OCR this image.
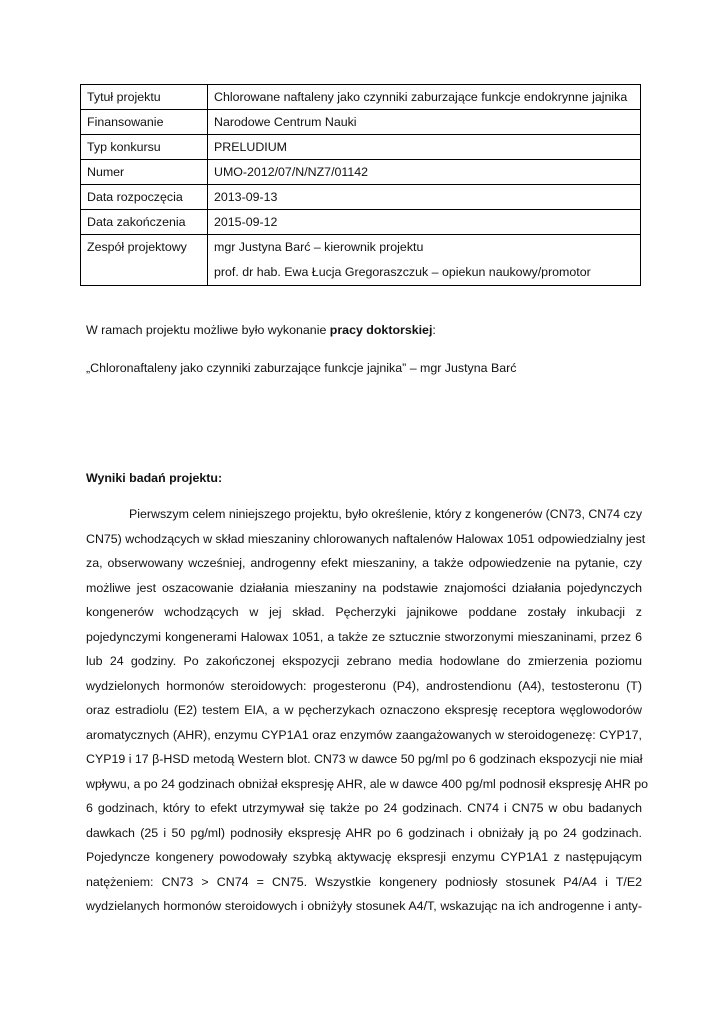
Tytuł projektu	Chlorowane naftaleny jako czynniki zaburzające funkcje endokrynne jajnika
Finansowanie	Narodowe Centrum Nauki
Typ konkursu	PRELUDIUM
Numer	UMO-2012/07/N/NZ7/01142
Data rozpoczęcia	2013-09-13
Data zakończenia	2015-09-12
Zespół projektowy	mgr Justyna Barć – kierownik projektu
prof. dr hab. Ewa Łucja Gregoraszczuk – opiekun naukowy/promotor
W ramach projektu możliwe było wykonanie pracy doktorskiej:
„Chloronaftaleny jako czynniki zaburzające funkcje jajnika” – mgr Justyna Barć
Wyniki badań projektu:
Pierwszym celem niniejszego projektu, było określenie, który z kongenerów (CN73, CN74 czy
CN75) wchodzących w skład mieszaniny chlorowanych naftalenów Halowax 1051 odpowiedzialny jest
za, obserwowany wcześniej, androgenny efekt mieszaniny, a także odpowiedzenie na pytanie, czy
możliwe jest oszacowanie działania mieszaniny na podstawie znajomości działania pojedynczych
kongenerów wchodzących w jej skład. Pęcherzyki jajnikowe poddane zostały inkubacji z
pojedynczymi kongenerami Halowax 1051, a także ze sztucznie stworzonymi mieszaninami, przez 6
lub 24 godziny. Po zakończonej ekspozycji zebrano media hodowlane do zmierzenia poziomu
wydzielonych hormonów steroidowych: progesteronu (P4), androstendionu (A4), testosteronu (T)
oraz estradiolu (E2) testem EIA, a w pęcherzykach oznaczono ekspresję receptora węglowodorów
aromatycznych (AHR), enzymu CYP1A1 oraz enzymów zaangażowanych w steroidogenezę: CYP17,
CYP19 i 17 β-HSD metodą Western blot. CN73 w dawce 50 pg/ml po 6 godzinach ekspozycji nie miał
wpływu, a po 24 godzinach obniżał ekspresję AHR, ale w dawce 400 pg/ml podnosił ekspresję AHR po
6 godzinach, który to efekt utrzymywał się także po 24 godzinach. CN74 i CN75 w obu badanych
dawkach (25 i 50 pg/ml) podnosiły ekspresję AHR po 6 godzinach i obniżały ją po 24 godzinach.
Pojedyncze kongenery powodowały szybką aktywację ekspresji enzymu CYP1A1 z następującym
natężeniem: CN73 > CN74 = CN75. Wszystkie kongenery podniosły stosunek P4/A4 i T/E2
wydzielanych hormonów steroidowych i obniżyły stosunek A4/T, wskazując na ich androgenne i anty-
